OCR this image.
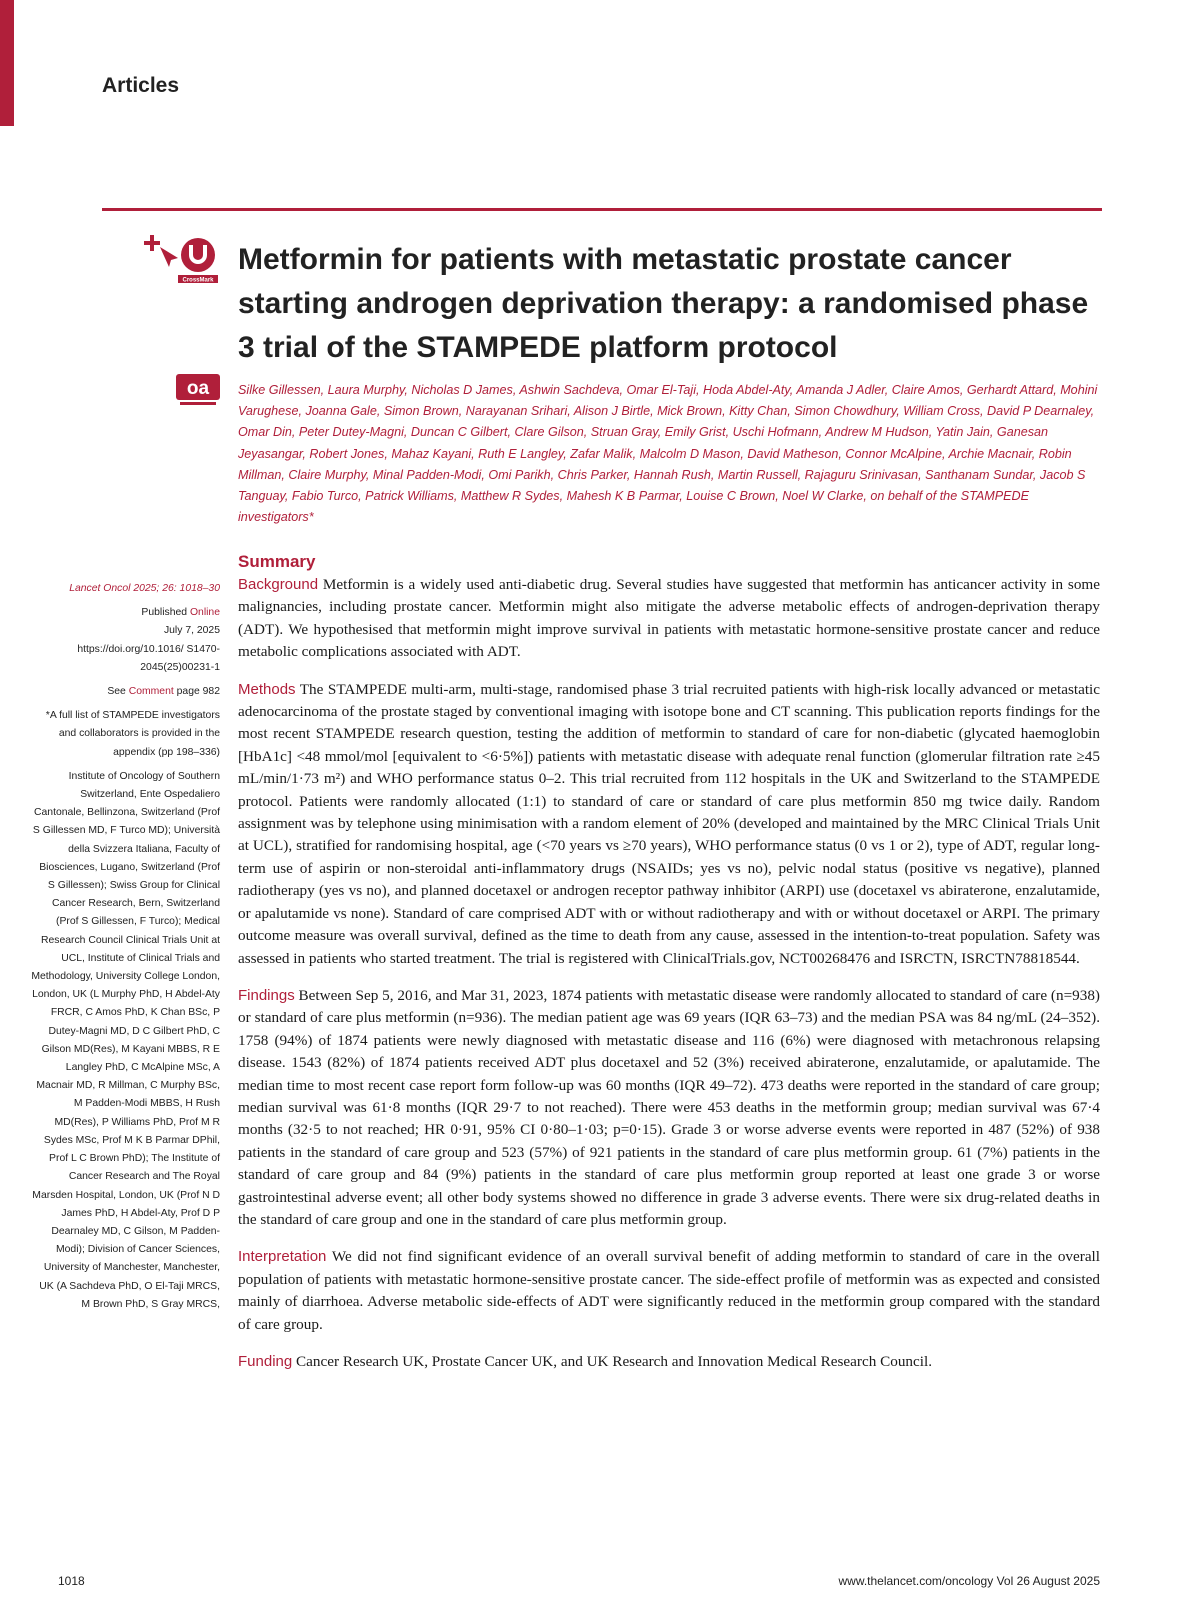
Articles
CrossMark
oa
Metformin for patients with metastatic prostate cancer starting androgen deprivation therapy: a randomised phase 3 trial of the STAMPEDE platform protocol

Silke Gillessen, Laura Murphy, Nicholas D James, Ashwin Sachdeva, Omar El-Taji, Hoda Abdel-Aty, Amanda J Adler, Claire Amos, Gerhardt Attard, Mohini Varughese, Joanna Gale, Simon Brown, Narayanan Srihari, Alison J Birtle, Mick Brown, Kitty Chan, Simon Chowdhury, William Cross, David P Dearnaley, Omar Din, Peter Dutey-Magni, Duncan C Gilbert, Clare Gilson, Struan Gray, Emily Grist, Uschi Hofmann, Andrew M Hudson, Yatin Jain, Ganesan Jeyasangar, Robert Jones, Mahaz Kayani, Ruth E Langley, Zafar Malik, Malcolm D Mason, David Matheson, Connor McAlpine, Archie Macnair, Robin Millman, Claire Murphy, Minal Padden-Modi, Omi Parikh, Chris Parker, Hannah Rush, Martin Russell, Rajaguru Srinivasan, Santhanam Sundar, Jacob S Tanguay, Fabio Turco, Patrick Williams, Matthew R Sydes, Mahesh K B Parmar, Louise C Brown, Noel W Clarke, on behalf of the STAMPEDE investigators*

Summary

Background Metformin is a widely used anti-diabetic drug. Several studies have suggested that metformin has anticancer activity in some malignancies, including prostate cancer. Metformin might also mitigate the adverse metabolic effects of androgen-deprivation therapy (ADT). We hypothesised that metformin might improve survival in patients with metastatic hormone-sensitive prostate cancer and reduce metabolic complications associated with ADT.

Methods The STAMPEDE multi-arm, multi-stage, randomised phase 3 trial recruited patients with high-risk locally advanced or metastatic adenocarcinoma of the prostate staged by conventional imaging with isotope bone and CT scanning. This publication reports findings for the most recent STAMPEDE research question, testing the addition of metformin to standard of care for non-diabetic (glycated haemoglobin [HbA1c] <48 mmol/mol [equivalent to <6·5%]) patients with metastatic disease with adequate renal function (glomerular filtration rate ≥45 mL/min/1·73 m²) and WHO performance status 0–2. This trial recruited from 112 hospitals in the UK and Switzerland to the STAMPEDE protocol. Patients were randomly allocated (1:1) to standard of care or standard of care plus metformin 850 mg twice daily. Random assignment was by telephone using minimisation with a random element of 20% (developed and maintained by the MRC Clinical Trials Unit at UCL), stratified for randomising hospital, age (<70 years vs ≥70 years), WHO performance status (0 vs 1 or 2), type of ADT, regular long-term use of aspirin or non-steroidal anti-inflammatory drugs (NSAIDs; yes vs no), pelvic nodal status (positive vs negative), planned radiotherapy (yes vs no), and planned docetaxel or androgen receptor pathway inhibitor (ARPI) use (docetaxel vs abiraterone, enzalutamide, or apalutamide vs none). Standard of care comprised ADT with or without radiotherapy and with or without docetaxel or ARPI. The primary outcome measure was overall survival, defined as the time to death from any cause, assessed in the intention-to-treat population. Safety was assessed in patients who started treatment. The trial is registered with ClinicalTrials.gov, NCT00268476 and ISRCTN, ISRCTN78818544.

Findings Between Sep 5, 2016, and Mar 31, 2023, 1874 patients with metastatic disease were randomly allocated to standard of care (n=938) or standard of care plus metformin (n=936). The median patient age was 69 years (IQR 63–73) and the median PSA was 84 ng/mL (24–352). 1758 (94%) of 1874 patients were newly diagnosed with metastatic disease and 116 (6%) were diagnosed with metachronous relapsing disease. 1543 (82%) of 1874 patients received ADT plus docetaxel and 52 (3%) received abiraterone, enzalutamide, or apalutamide. The median time to most recent case report form follow-up was 60 months (IQR 49–72). 473 deaths were reported in the standard of care group; median survival was 61·8 months (IQR 29·7 to not reached). There were 453 deaths in the metformin group; median survival was 67·4 months (32·5 to not reached; HR 0·91, 95% CI 0·80–1·03; p=0·15). Grade 3 or worse adverse events were reported in 487 (52%) of 938 patients in the standard of care group and 523 (57%) of 921 patients in the standard of care plus metformin group. 61 (7%) patients in the standard of care group and 84 (9%) patients in the standard of care plus metformin group reported at least one grade 3 or worse gastrointestinal adverse event; all other body systems showed no difference in grade 3 adverse events. There were six drug-related deaths in the standard of care group and one in the standard of care plus metformin group.

Interpretation We did not find significant evidence of an overall survival benefit of adding metformin to standard of care in the overall population of patients with metastatic hormone-sensitive prostate cancer. The side-effect profile of metformin was as expected and consisted mainly of diarrhoea. Adverse metabolic side-effects of ADT were significantly reduced in the metformin group compared with the standard of care group.

Funding Cancer Research UK, Prostate Cancer UK, and UK Research and Innovation Medical Research Council.

Lancet Oncol 2025; 26: 1018–30
Published Online
July 7, 2025
https://doi.org/10.1016/ S1470-2045(25)00231-1
See Comment page 982
*A full list of STAMPEDE investigators and collaborators is provided in the appendix (pp 198–336)
Institute of Oncology of Southern Switzerland, Ente Ospedaliero Cantonale, Bellinzona, Switzerland (Prof S Gillessen MD, F Turco MD); Università della Svizzera Italiana, Faculty of Biosciences, Lugano, Switzerland (Prof S Gillessen); Swiss Group for Clinical Cancer Research, Bern, Switzerland (Prof S Gillessen, F Turco); Medical Research Council Clinical Trials Unit at UCL, Institute of Clinical Trials and Methodology, University College London, London, UK (L Murphy PhD, H Abdel-Aty FRCR, C Amos PhD, K Chan BSc, P Dutey-Magni MD, D C Gilbert PhD, C Gilson MD(Res), M Kayani MBBS, R E Langley PhD, C McAlpine MSc, A Macnair MD, R Millman, C Murphy BSc, M Padden-Modi MBBS, H Rush MD(Res), P Williams PhD, Prof M R Sydes MSc, Prof M K B Parmar DPhil, Prof L C Brown PhD); The Institute of Cancer Research and The Royal Marsden Hospital, London, UK (Prof N D James PhD, H Abdel-Aty, Prof D P Dearnaley MD, C Gilson, M Padden-Modi); Division of Cancer Sciences, University of Manchester, Manchester, UK (A Sachdeva PhD, O El-Taji MRCS, M Brown PhD, S Gray MRCS,
1018	www.thelancet.com/oncology Vol 26 August 2025
